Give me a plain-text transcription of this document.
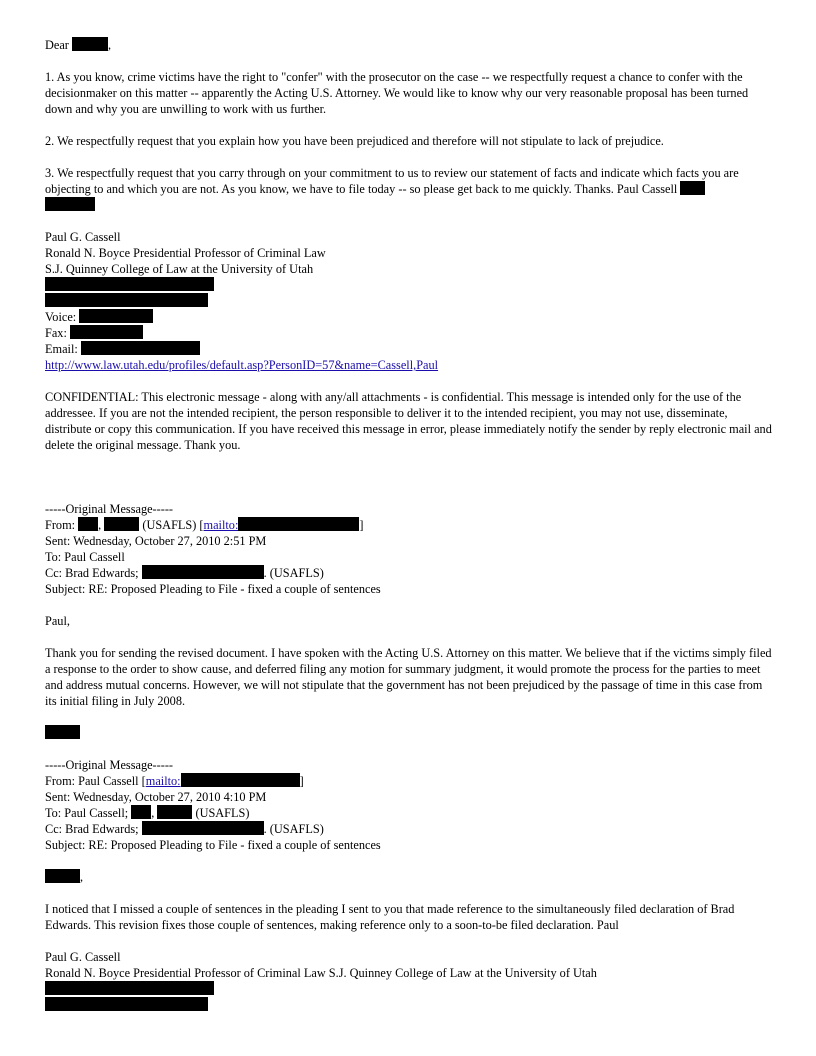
Dear	,

1. As you know, crime victims have the right to "confer" with the prosecutor on the case -- we respectfully request a chance to confer with the decisionmaker on this matter -- apparently the Acting U.S. Attorney. We would like to know why our very reasonable proposal has been turned down and why you are unwilling to work with us further.

2. We respectfully request that you explain how you have been prejudiced and therefore will not stipulate to lack of prejudice.

3. We respectfully request that you carry through on your commitment to us to review our statement of facts and indicate which facts you are objecting to and which you are not. As you know, we have to file today -- so please get back to me quickly. Thanks. Paul Cassell

Paul G. Cassell

Ronald N. Boyce Presidential Professor of Criminal Law

S.J. Quinney College of Law at the University of Utah

Voice:

Fax:

Email:

http://www.law.utah.edu/profiles/default.asp?PersonID=57&name=Cassell,Paul

CONFIDENTIAL: This electronic message - along with any/all attachments - is confidential. This message is intended only for the use of the addressee. If you are not the intended recipient, the person responsible to deliver it to the intended recipient, you may not use, disseminate, distribute or copy this communication. If you have received this message in error, please immediately notify the sender by reply electronic mail and delete the original message. Thank you.

-----Original Message-----

From: ,	(USAFLS) [mailto:	]

Sent: Wednesday, October 27, 2010 2:51 PM

To: Paul Cassell

Cc: Brad Edwards;	. (USAFLS)

Subject: RE: Proposed Pleading to File - fixed a couple of sentences

Paul,

Thank you for sending the revised document. I have spoken with the Acting U.S. Attorney on this matter. We believe that if the victims simply filed a response to the order to show cause, and deferred filing any motion for summary judgment, it would promote the process for the parties to meet and address mutual concerns. However, we will not stipulate that the government has not been prejudiced by the passage of time in this case from its initial filing in July 2008.

-----Original Message-----

From: Paul Cassell [mailto:	]

Sent: Wednesday, October 27, 2010 4:10 PM

To: Paul Cassell; ,	(USAFLS)

Cc: Brad Edwards;	. (USAFLS)

Subject: RE: Proposed Pleading to File - fixed a couple of sentences

,

I noticed that I missed a couple of sentences in the pleading I sent to you that made reference to the simultaneously filed declaration of Brad Edwards. This revision fixes those couple of sentences, making reference only to a soon-to-be filed declaration. Paul

Paul G. Cassell

Ronald N. Boyce Presidential Professor of Criminal Law S.J. Quinney College of Law at the University of Utah
